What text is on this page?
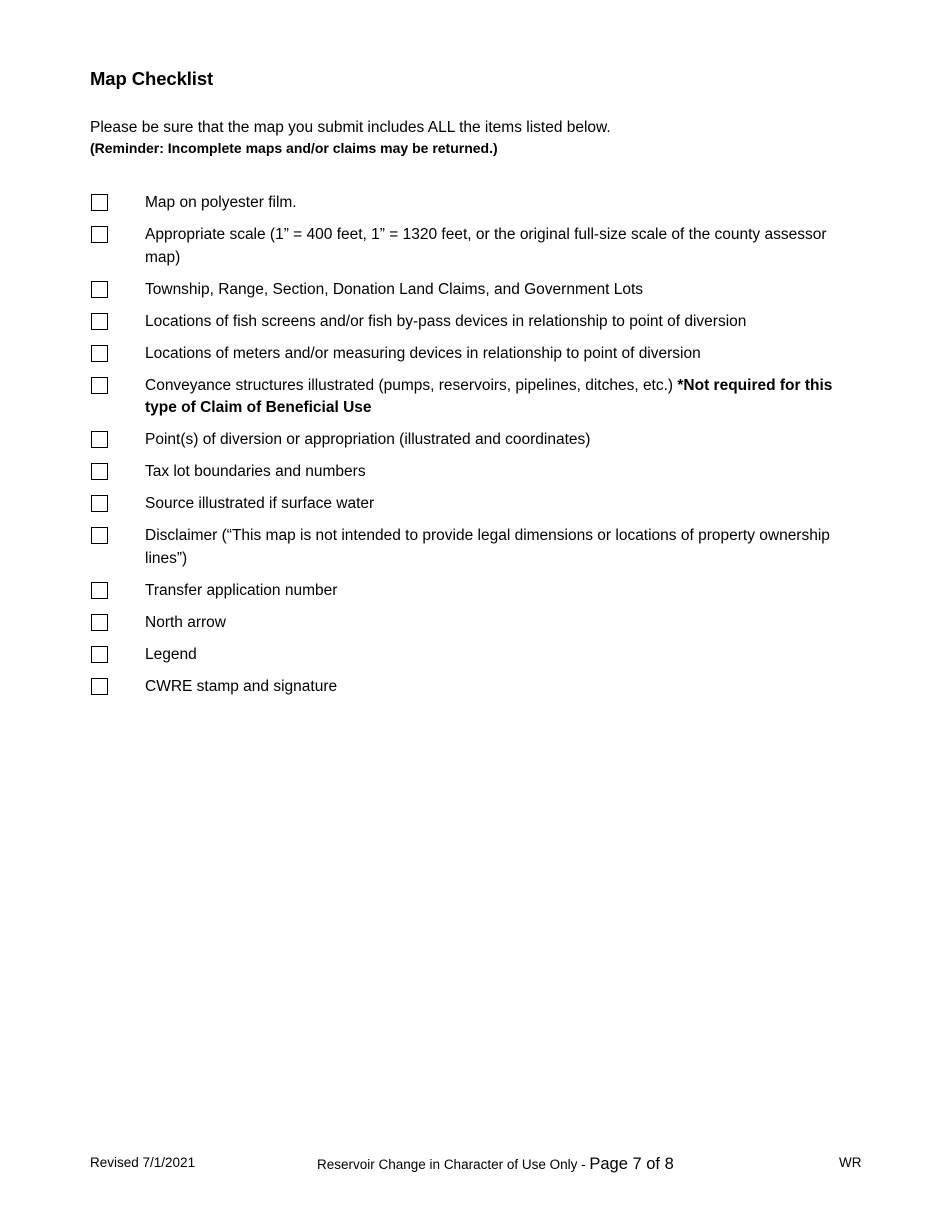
Map Checklist
Please be sure that the map you submit includes ALL the items listed below.
(Reminder: Incomplete maps and/or claims may be returned.)
Map on polyester film.
Appropriate scale (1” = 400 feet, 1” = 1320 feet, or the original full-size scale of the county assessor map)
Township, Range, Section, Donation Land Claims, and Government Lots
Locations of fish screens and/or fish by-pass devices in relationship to point of diversion
Locations of meters and/or measuring devices in relationship to point of diversion
Conveyance structures illustrated (pumps, reservoirs, pipelines, ditches, etc.) *Not required for this type of Claim of Beneficial Use
Point(s) of diversion or appropriation (illustrated and coordinates)
Tax lot boundaries and numbers
Source illustrated if surface water
Disclaimer (“This map is not intended to provide legal dimensions or locations of property ownership lines”)
Transfer application number
North arrow
Legend
CWRE stamp and signature
Revised 7/1/2021	Reservoir Change in Character of Use Only - Page 7 of 8	WR
